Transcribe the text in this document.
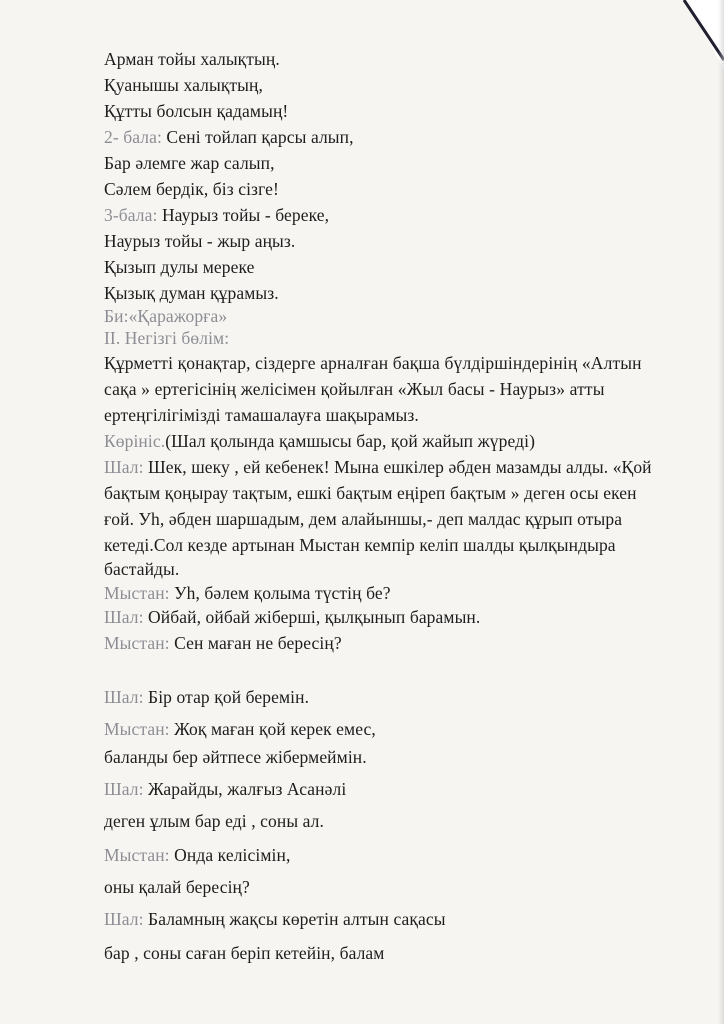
Арман тойы халықтың.
Қуанышы халықтың,
Құтты болсын қадамың!
2- бала: Сені тойлап қарсы алып,
Бар әлемге жар салып,
Сәлем бердік, біз сізге!
3-бала: Наурыз тойы - береке,
Наурыз тойы - жыр аңыз.
Қызып дулы мереке
Қызық думан құрамыз.
Би:«Қаражорға»
ІІ. Негізгі бөлім:
Құрметті қонақтар, сіздерге арналған бақша бүлдіршіндерінің «Алтын
сақа » ертегісінің желісімен қойылған «Жыл басы - Наурыз» атты
ертеңгілігімізді тамашалауға шақырамыз.
Көрініс.(Шал қолында қамшысы бар, қой жайып жүреді)
Шал: Шек, шеку , ей кебенек! Мына ешкілер әбден мазамды алды. «Қой
бақтым қоңырау тақтым, ешкі бақтым еңіреп бақтым » деген осы екен
ғой. Уһ, әбден шаршадым, дем алайыншы,- деп малдас құрып отыра
кетеді.Сол кезде артынан Мыстан кемпір келіп шалды қылқындыра
бастайды.
Мыстан: Уһ, бәлем қолыма түстің бе?
Шал: Ойбай, ойбай жіберші, қылқынып барамын.
Мыстан: Сен маған не бересің?
Шал: Бір отар қой беремін.
Мыстан: Жоқ маған қой керек емес,
баланды бер әйтпесе жібермеймін.
Шал: Жарайды, жалғыз Асанәлі
деген ұлым бар еді , соны ал.
Мыстан: Онда келісімін,
оны қалай бересің?
Шал: Баламның жақсы көретін алтын сақасы
бар , соны саған беріп кетейін, балам
